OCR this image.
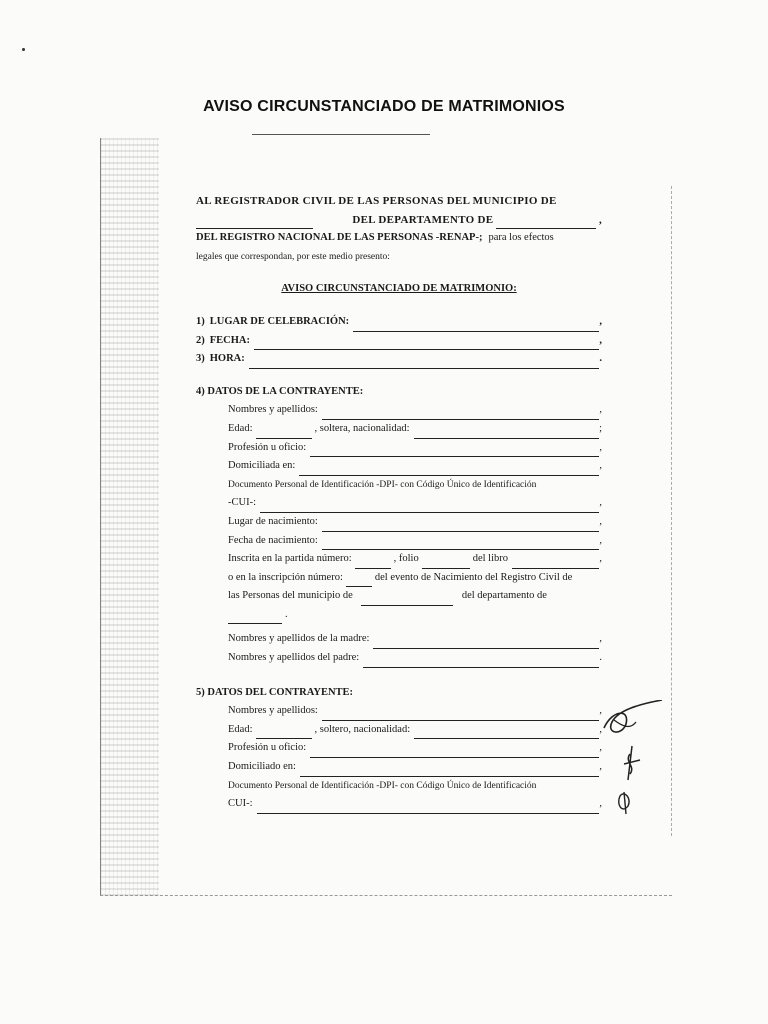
AVISO CIRCUNSTANCIADO DE MATRIMONIOS
AL REGISTRADOR CIVIL DE LAS PERSONAS DEL MUNICIPIO DE
DEL DEPARTAMENTO DE	,
DEL REGISTRO NACIONAL DE LAS PERSONAS -RENAP-; para los efectos
legales que correspondan, por este medio presento:
AVISO CIRCUNSTANCIADO DE MATRIMONIO:
1) LUGAR DE CELEBRACIÓN:	,
2) FECHA:	,
3) HORA:	.
4) DATOS DE LA CONTRAYENTE:
Nombres y apellidos:	,
Edad:	, soltera, nacionalidad:	;
Profesión u oficio:	,
Domiciliada en:	,
Documento Personal de Identificación -DPI- con Código Único de Identificación
-CUI-:	,
Lugar de nacimiento:	,
Fecha de nacimiento:	,
Inscrita en la partida número:	, folio	del libro	,
o en la inscripción número:	del evento de Nacimiento del Registro Civil de
las Personas del municipio de	del departamento de
.
Nombres y apellidos de la madre:	,
Nombres y apellidos del padre:	.
5) DATOS DEL CONTRAYENTE:
Nombres y apellidos:	,
Edad:	, soltero, nacionalidad:	,
Profesión u oficio:	,
Domiciliado en:	,
Documento Personal de Identificación -DPI- con Código Único de Identificación
CUI-:	,
